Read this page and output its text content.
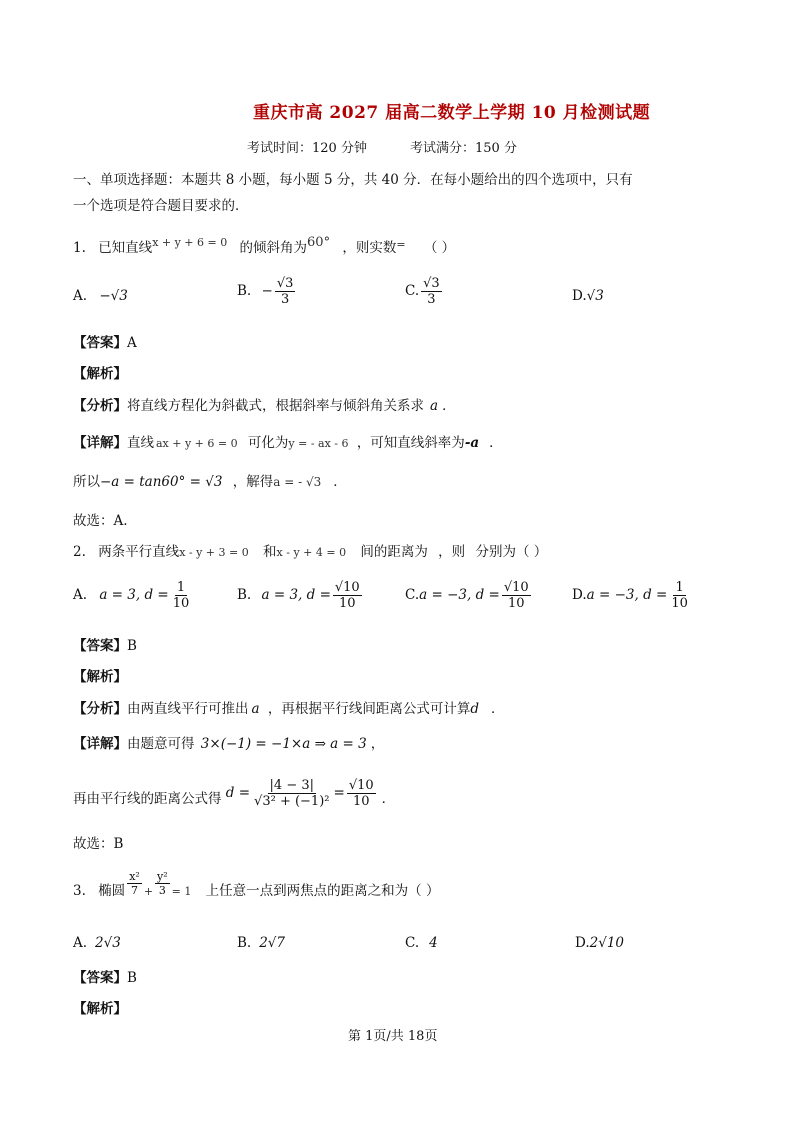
重庆市高 2027 届高二数学上学期 10 月检测试题
考试时间：120 分钟	考试满分：150 分
一、单项选择题：本题共 8 小题，每小题 5 分，共 40 分．在每小题给出的四个选项中，只有
一个选项是符合题目要求的．
1. 已知直线$^{x + y + 6 = 0}$ 的倾斜角为60° ，则实数= （ ）
A. −√3	B. − $\frac{√3}{3}$	C. $\frac{√3}{3}$	D.√3
【答案】A
【解析】
【分析】将直线方程化为斜截式，根据斜率与倾斜角关系求 a ．
【详解】直线 ax + y + 6 = 0 可化为y = - ax - 6 ，可知直线斜率为-a ．
所以−a = tan60° = √3 ，解得a = - √3 ．
故选：A.
2. 两条平行直线x - y + 3 = 0 和x - y + 4 = 0 间的距离为 ，则 分别为（ ）
A. a = 3, $d = \frac{1}{10}$	B. a = 3, $d = \frac{√10}{10}$	C.a = −3, $d = \frac{√10}{10}$	D.a = −3, $d = \frac{1}{10}$
【答案】B
【解析】
【分析】由两直线平行可推出 a ，再根据平行线间距离公式可计算d ．
【详解】由题意可得 3×(−1) = −1×a ⇒ a = 3 ，
再由平行线的距离公式得 $d = \frac{|4 - 3|}{\text{√3² + (−1)²}} = \frac{√10}{10}$ ．
故选：B
3. 椭圆 $\frac{\text{x²}}{7} _+ \frac{\text{y²}}{3} _{= 1}$ 上任意一点到两焦点的距离之和为（ ）
A. 2√3	B. 2√7	C. 4	D.2√10
【答案】B
【解析】
第 1页/共 18页
